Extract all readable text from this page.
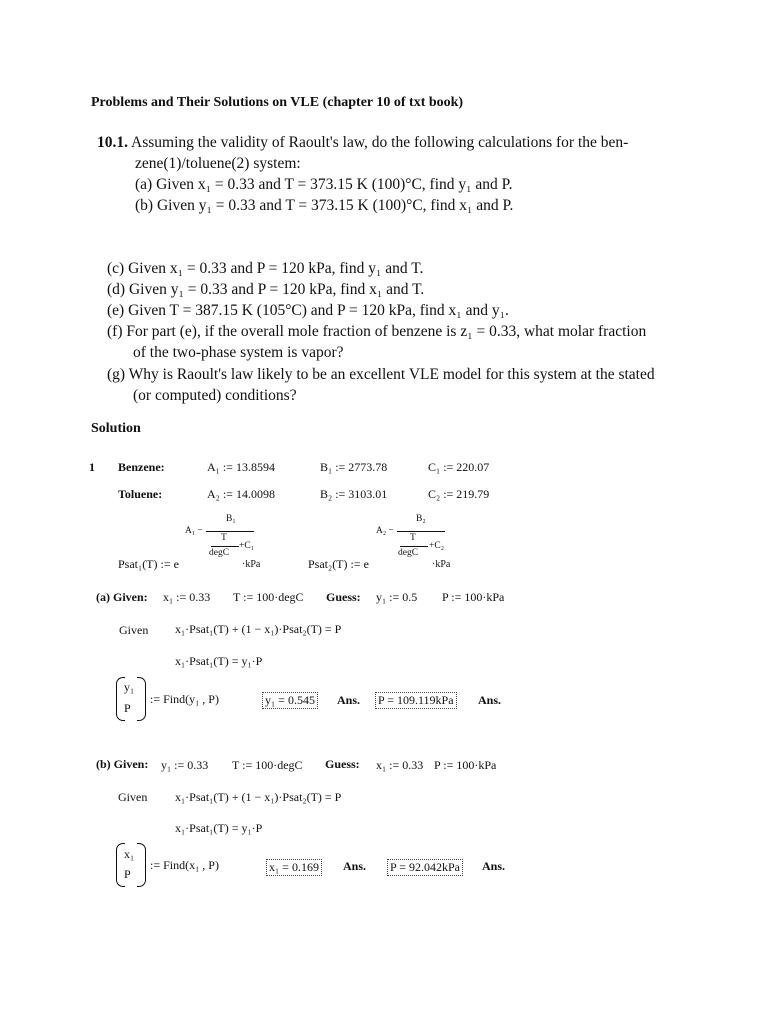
Problems and Their Solutions on VLE (chapter 10 of txt book)
10.1. Assuming the validity of Raoult's law, do the following calculations for the ben-
zene(1)/toluene(2) system:
(a) Given x₁ = 0.33 and T = 373.15 K (100)°C, find y₁ and P.
(b) Given y₁ = 0.33 and T = 373.15 K (100)°C, find x₁ and P.
(c) Given x₁ = 0.33 and P = 120 kPa, find y₁ and T.
(d) Given y₁ = 0.33 and P = 120 kPa, find x₁ and T.
(e) Given T = 387.15 K (105°C) and P = 120 kPa, find x₁ and y₁.
(f) For part (e), if the overall mole fraction of benzene is z₁ = 0.33, what molar fraction
of the two-phase system is vapor?
(g) Why is Raoult's law likely to be an excellent VLE model for this system at the stated
(or computed) conditions?
Solution
1 Benzene:	A₁ := 13.8594	B₁ := 2773.78	C₁ := 220.07
Toluene:	A₂ := 14.0098	B₂ := 3103.01	C₂ := 219.79
Psat₁(T) := e
A₁ −
B₁
T
degC
+C₁
·kPa	Psat₂(T) := e
A₂ −
B₂
T
degC
+C₂
·kPa
(a) Given: x₁ := 0.33 T := 100·degC Guess: y₁ := 0.5 P := 100·kPa
Given x₁·Psat₁(T) + (1 − x₁)·Psat₂(T) = P
x₁·Psat₁(T) = y₁·P
y₁
P
:= Find(y₁ , P)	y₁ = 0.545 Ans. P = 109.119kPa Ans.
(b) Given: y₁ := 0.33 T := 100·degC Guess: x₁ := 0.33 P := 100·kPa
Given x₁·Psat₁(T) + (1 − x₁)·Psat₂(T) = P
x₁·Psat₁(T) = y₁·P
x₁
P
:= Find(x₁ , P)	x₁ = 0.169 Ans. P = 92.042kPa Ans.
